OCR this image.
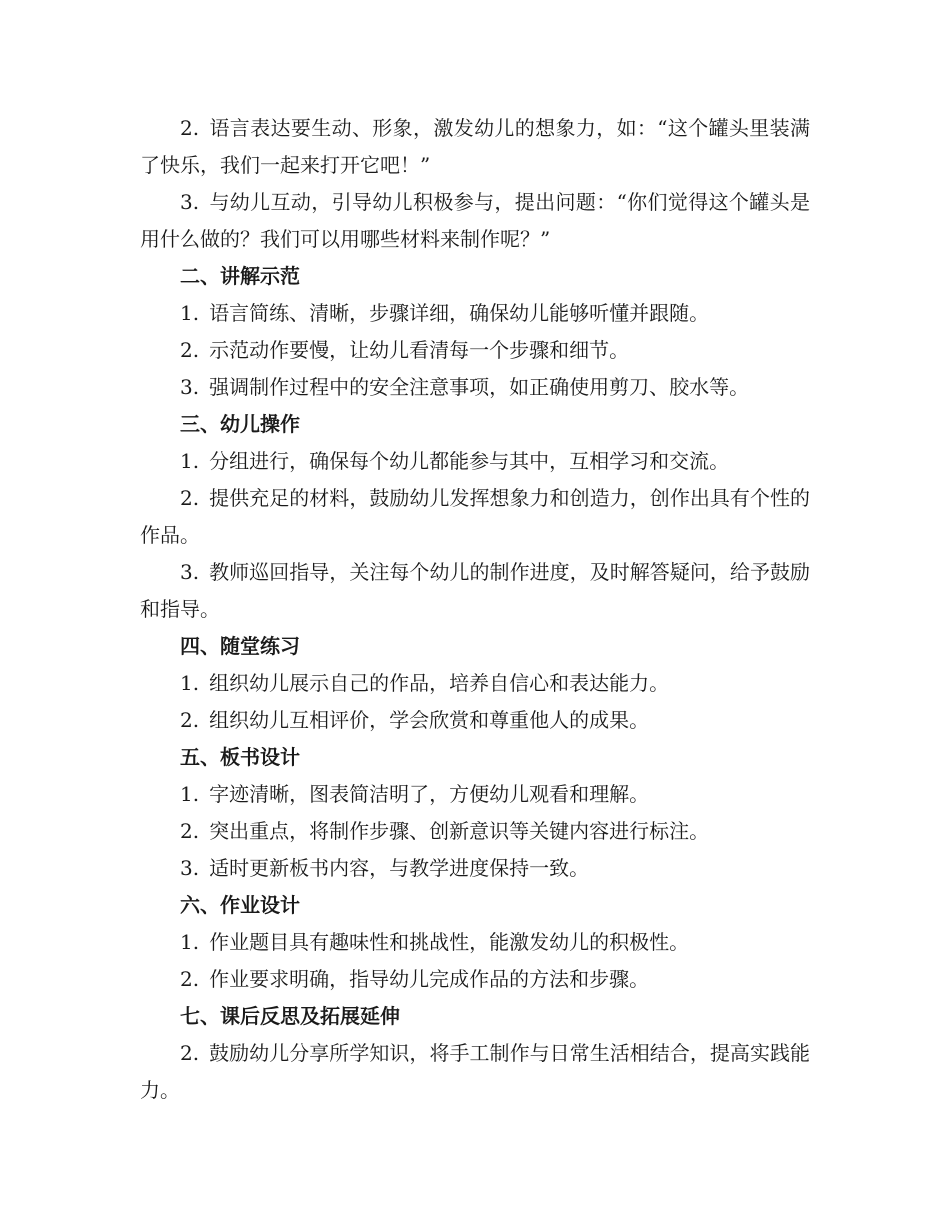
2. 语言表达要生动、形象，激发幼儿的想象力，如：“这个罐头里装满了快乐，我们一起来打开它吧！”

3. 与幼儿互动，引导幼儿积极参与，提出问题：“你们觉得这个罐头是用什么做的？我们可以用哪些材料来制作呢？”

二、讲解示范

1. 语言简练、清晰，步骤详细，确保幼儿能够听懂并跟随。

2. 示范动作要慢，让幼儿看清每一个步骤和细节。

3. 强调制作过程中的安全注意事项，如正确使用剪刀、胶水等。

三、幼儿操作

1. 分组进行，确保每个幼儿都能参与其中，互相学习和交流。

2. 提供充足的材料，鼓励幼儿发挥想象力和创造力，创作出具有个性的作品。

3. 教师巡回指导，关注每个幼儿的制作进度，及时解答疑问，给予鼓励和指导。

四、随堂练习

1. 组织幼儿展示自己的作品，培养自信心和表达能力。

2. 组织幼儿互相评价，学会欣赏和尊重他人的成果。

五、板书设计

1. 字迹清晰，图表简洁明了，方便幼儿观看和理解。

2. 突出重点，将制作步骤、创新意识等关键内容进行标注。

3. 适时更新板书内容，与教学进度保持一致。

六、作业设计

1. 作业题目具有趣味性和挑战性，能激发幼儿的积极性。

2. 作业要求明确，指导幼儿完成作品的方法和步骤。

七、课后反思及拓展延伸

2. 鼓励幼儿分享所学知识，将手工制作与日常生活相结合，提高实践能力。
